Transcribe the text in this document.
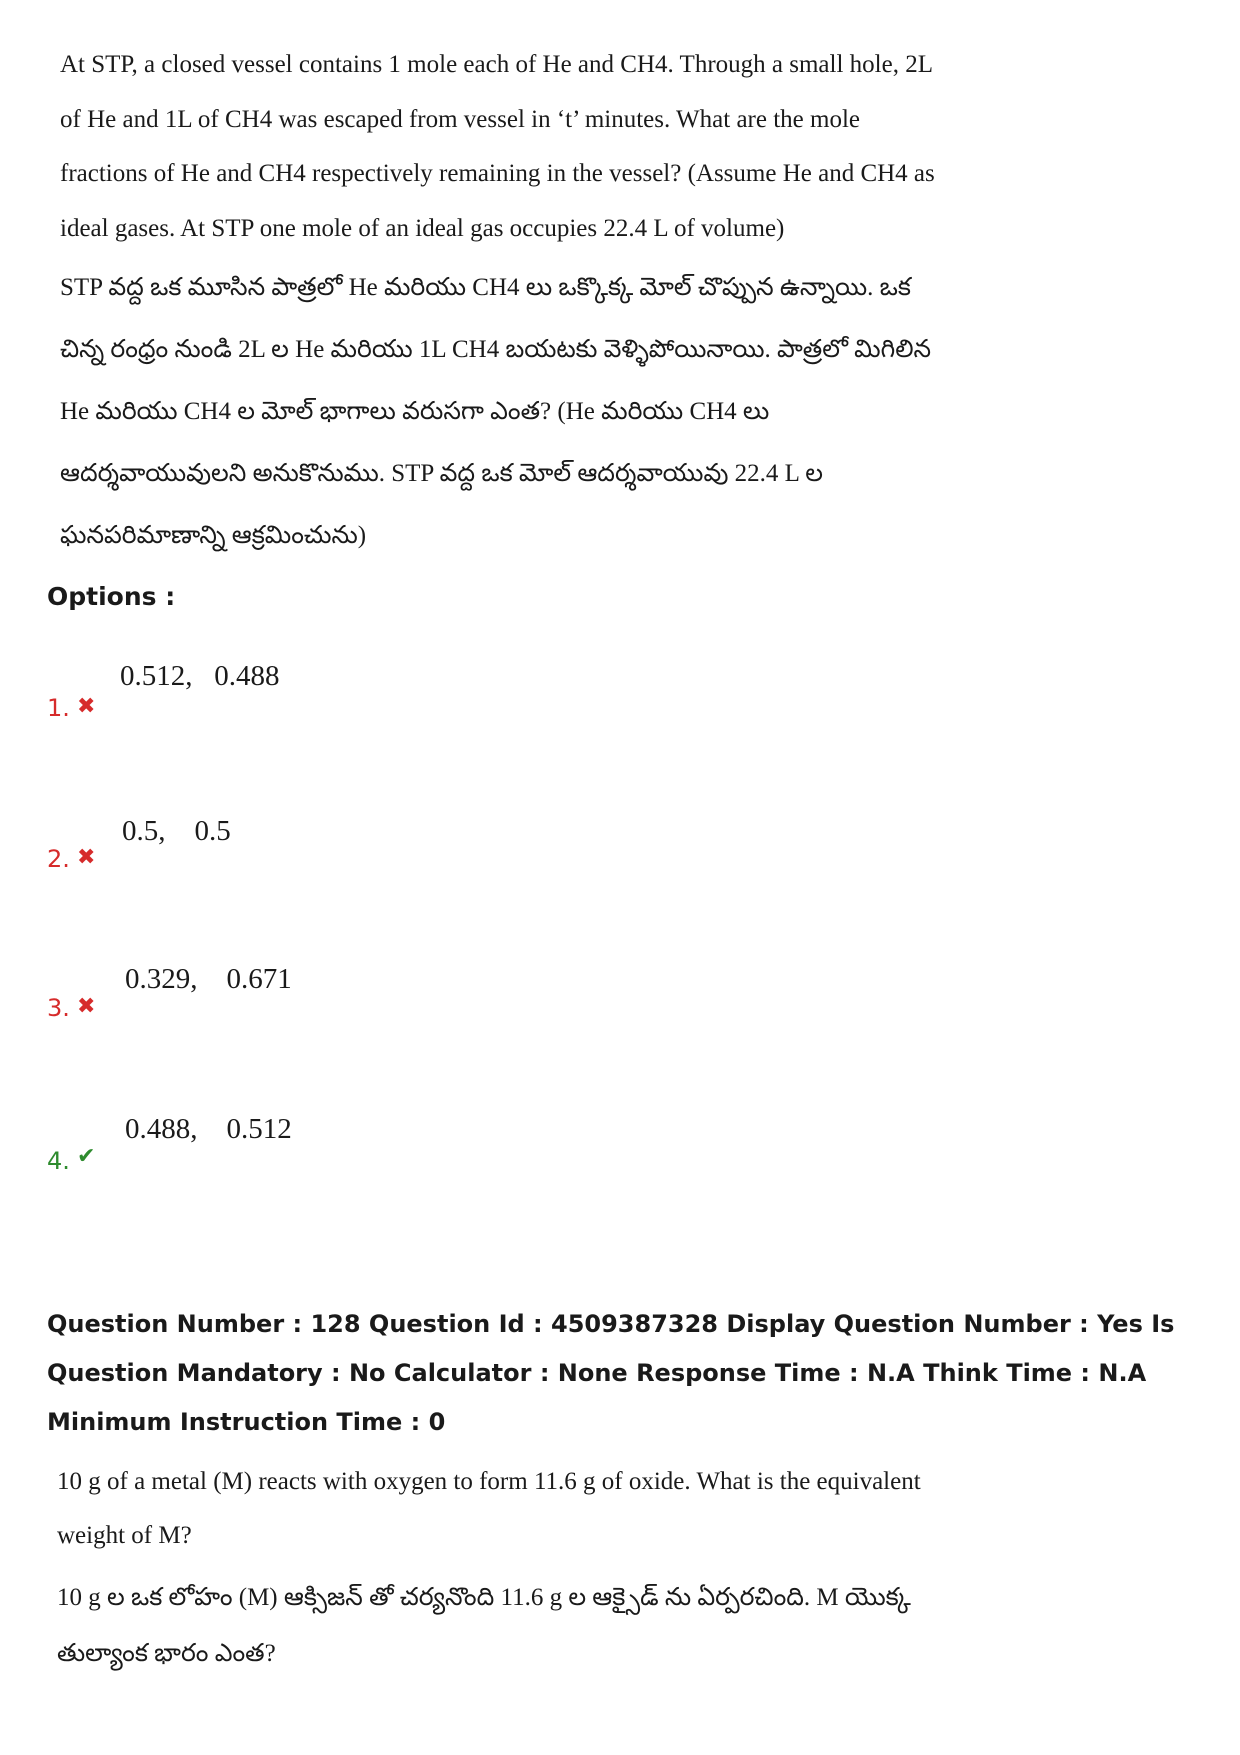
At STP, a closed vessel contains 1 mole each of He and CH4. Through a small hole, 2L of He and 1L of CH4 was escaped from vessel in ‘t’ minutes. What are the mole fractions of He and CH4 respectively remaining in the vessel? (Assume He and CH4 as ideal gases. At STP one mole of an ideal gas occupies 22.4 L of volume)
STP వద్ద ఒక మూసిన పాత్రలో He మరియు CH4 లు ఒక్కొక్క మోల్ చొప్పున ఉన్నాయి. ఒక చిన్న రంధ్రం నుండి 2L ల He మరియు 1L CH4 బయటకు వెళ్ళిపోయినాయి. పాత్రలో మిగిలిన He మరియు CH4 ల మోల్ భాగాలు వరుసగా ఎంత? (He మరియు CH4 లు ఆదర్శవాయువులని అనుకొనుము. STP వద్ద ఒక మోల్ ఆదర్శవాయువు 22.4 L ల ఘనపరిమాణాన్ని ఆక్రమించును)
Options :
1. ✖
0.512,   0.488
2. ✖
0.5,    0.5
3. ✖
0.329,    0.671
4. ✔
0.488,    0.512
Question Number : 128 Question Id : 4509387328 Display Question Number : Yes Is Question Mandatory : No Calculator : None Response Time : N.A Think Time : N.A Minimum Instruction Time : 0
10 g of a metal (M) reacts with oxygen to form 11.6 g of oxide. What is the equivalent weight of M?
10 g ల ఒక లోహం (M) ఆక్సిజన్ తో చర్యనొంది 11.6 g ల ఆక్సైడ్ ను ఏర్పరచింది. M యొక్క తుల్యాంక భారం ఎంత?
